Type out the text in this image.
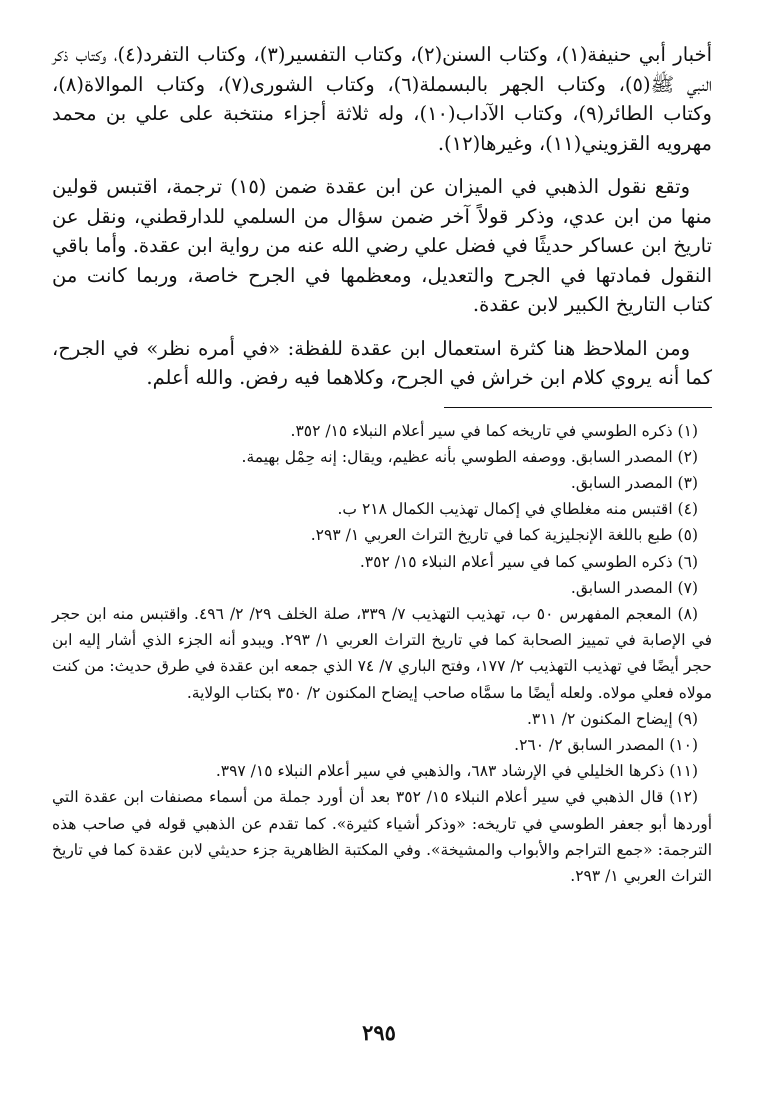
أخبار أبي حنيفة(١)، وكتاب السنن(٢)، وكتاب التفسير(٣)، وكتاب التفرد(٤)، وكتاب ذكر النبي ﷺ(٥)، وكتاب الجهر بالبسملة(٦)، وكتاب الشورى(٧)، وكتاب الموالاة(٨)، وكتاب الطائر(٩)، وكتاب الآداب(١٠)، وله ثلاثة أجزاء منتخبة على علي بن محمد مهرويه القزويني(١١)، وغيرها(١٢).

وتقع نقول الذهبي في الميزان عن ابن عقدة ضمن (١٥) ترجمة، اقتبس قولين منها من ابن عدي، وذكر قولاً آخر ضمن سؤال من السلمي للدارقطني، ونقل عن تاريخ ابن عساكر حديثًا في فضل علي رضي الله عنه من رواية ابن عقدة. وأما باقي النقول فمادتها في الجرح والتعديل، ومعظمها في الجرح خاصة، وربما كانت من كتاب التاريخ الكبير لابن عقدة.

ومن الملاحظ هنا كثرة استعمال ابن عقدة للفظة: «في أمره نظر» في الجرح، كما أنه يروي كلام ابن خراش في الجرح، وكلاهما فيه رفض. والله أعلم.

(١) ذكره الطوسي في تاريخه كما في سير أعلام النبلاء ١٥/ ٣٥٢.

(٢) المصدر السابق. ووصفه الطوسي بأنه عظيم، ويقال: إنه حِمْل بهيمة.

(٣) المصدر السابق.

(٤) اقتبس منه مغلطاي في إكمال تهذيب الكمال ٢١٨ ب.

(٥) طبع باللغة الإنجليزية كما في تاريخ التراث العربي ١/ ٢٩٣.

(٦) ذكره الطوسي كما في سير أعلام النبلاء ١٥/ ٣٥٢.

(٧) المصدر السابق.

(٨) المعجم المفهرس ٥٠ ب، تهذيب التهذيب ٧/ ٣٣٩، صلة الخلف ٢٩/ ٢/ ٤٩٦. واقتبس منه ابن حجر في الإصابة في تمييز الصحابة كما في تاريخ التراث العربي ١/ ٢٩٣. ويبدو أنه الجزء الذي أشار إليه ابن حجر أيضًا في تهذيب التهذيب ٢/ ١٧٧، وفتح الباري ٧/ ٧٤ الذي جمعه ابن عقدة في طرق حديث: من كنت مولاه فعلي مولاه. ولعله أيضًا ما سمَّاه صاحب إيضاح المكنون ٢/ ٣٥٠ بكتاب الولاية.

(٩) إيضاح المكنون ٢/ ٣١١.

(١٠) المصدر السابق ٢/ ٢٦٠.

(١١) ذكرها الخليلي في الإرشاد ٦٨٣، والذهبي في سير أعلام النبلاء ١٥/ ٣٩٧.

(١٢) قال الذهبي في سير أعلام النبلاء ١٥/ ٣٥٢ بعد أن أورد جملة من أسماء مصنفات ابن عقدة التي أوردها أبو جعفر الطوسي في تاريخه: «وذكر أشياء كثيرة». كما تقدم عن الذهبي قوله في صاحب هذه الترجمة: «جمع التراجم والأبواب والمشيخة». وفي المكتبة الظاهرية جزء حديثي لابن عقدة كما في تاريخ التراث العربي ١/ ٢٩٣.

٢٩٥
